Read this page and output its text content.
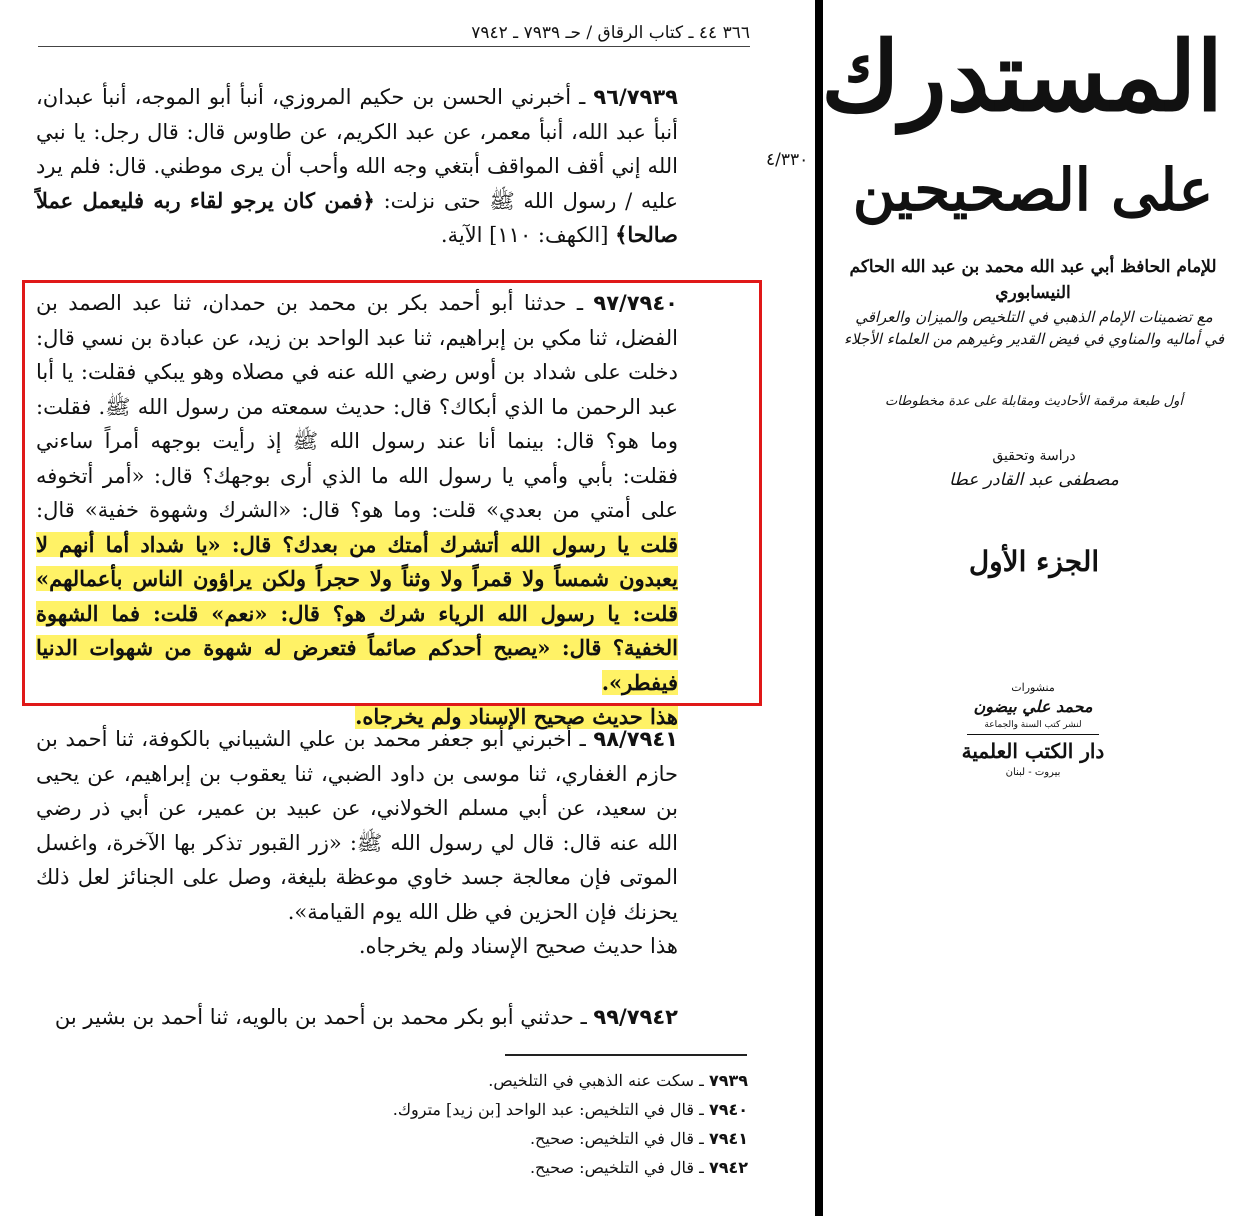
٣٦٦ ٤٤ ـ كتاب الرقاق / حـ ٧٩٣٩ ـ ٧٩٤٢

٩٦/٧٩٣٩ ـ أخبرني الحسن بن حكيم المروزي، أنبأ أبو الموجه، أنبأ عبدان، أنبأ عبد الله، أنبأ معمر، عن عبد الكريم، عن طاوس قال: قال رجل: يا نبي الله إني أقف المواقف أبتغي وجه الله وأحب أن يرى موطني. قال: فلم يرد عليه / رسول الله ﷺ حتى نزلت: ﴿فمن كان يرجو لقاء ربه فليعمل عملاً صالحا﴾ [الكهف: ١١٠] الآية.

٤/٣٣٠

٩٧/٧٩٤٠ ـ حدثنا أبو أحمد بكر بن محمد بن حمدان، ثنا عبد الصمد بن الفضل، ثنا مكي بن إبراهيم، ثنا عبد الواحد بن زيد، عن عبادة بن نسي قال: دخلت على شداد بن أوس رضي الله عنه في مصلاه وهو يبكي فقلت: يا أبا عبد الرحمن ما الذي أبكاك؟ قال: حديث سمعته من رسول الله ﷺ. فقلت: وما هو؟ قال: بينما أنا عند رسول الله ﷺ إذ رأيت بوجهه أمراً ساءني فقلت: بأبي وأمي يا رسول الله ما الذي أرى بوجهك؟ قال: «أمر أتخوفه على أمتي من بعدي» قلت: وما هو؟ قال: «الشرك وشهوة خفية» قال: قلت يا رسول الله أتشرك أمتك من بعدك؟ قال: «يا شداد أما أنهم لا يعبدون شمساً ولا قمراً ولا وثناً ولا حجراً ولكن يراؤون الناس بأعمالهم» قلت: يا رسول الله الرياء شرك هو؟ قال: «نعم» قلت: فما الشهوة الخفية؟ قال: «يصبح أحدكم صائماً فتعرض له شهوة من شهوات الدنيا فيفطر».

هذا حديث صحيح الإسناد ولم يخرجاه.

٩٨/٧٩٤١ ـ أخبرني أبو جعفر محمد بن علي الشيباني بالكوفة، ثنا أحمد بن حازم الغفاري، ثنا موسى بن داود الضبي، ثنا يعقوب بن إبراهيم، عن يحيى بن سعيد، عن أبي مسلم الخولاني، عن عبيد بن عمير، عن أبي ذر رضي الله عنه قال: قال لي رسول الله ﷺ: «زر القبور تذكر بها الآخرة، واغسل الموتى فإن معالجة جسد خاوي موعظة بليغة، وصل على الجنائز لعل ذلك يحزنك فإن الحزين في ظل الله يوم القيامة».

هذا حديث صحيح الإسناد ولم يخرجاه.

٩٩/٧٩٤٢ ـ حدثني أبو بكر محمد بن أحمد بن بالويه، ثنا أحمد بن بشير بن

٧٩٣٩ ـ سكت عنه الذهبي في التلخيص.
٧٩٤٠ ـ قال في التلخيص: عبد الواحد [بن زيد] متروك.
٧٩٤١ ـ قال في التلخيص: صحيح.
٧٩٤٢ ـ قال في التلخيص: صحيح.
المستدرك
على الصحيحين
للإمام الحافظ أبي عبد الله محمد بن عبد الله الحاكم النيسابوري
مع تضمينات الإمام الذهبي في التلخيص والميزان والعراقي
في أماليه والمناوي في فيض القدير وغيرهم من العلماء الأجلاء
أول طبعة مرقمة الأحاديث ومقابلة على عدة مخطوطات
دراسة وتحقيق
مصطفى عبد القادر عطا
الجزء الأول
منشورات
محمد علي بيضون
لنشر كتب السنة والجماعة
دار الكتب العلمية
بيروت - لبنان
